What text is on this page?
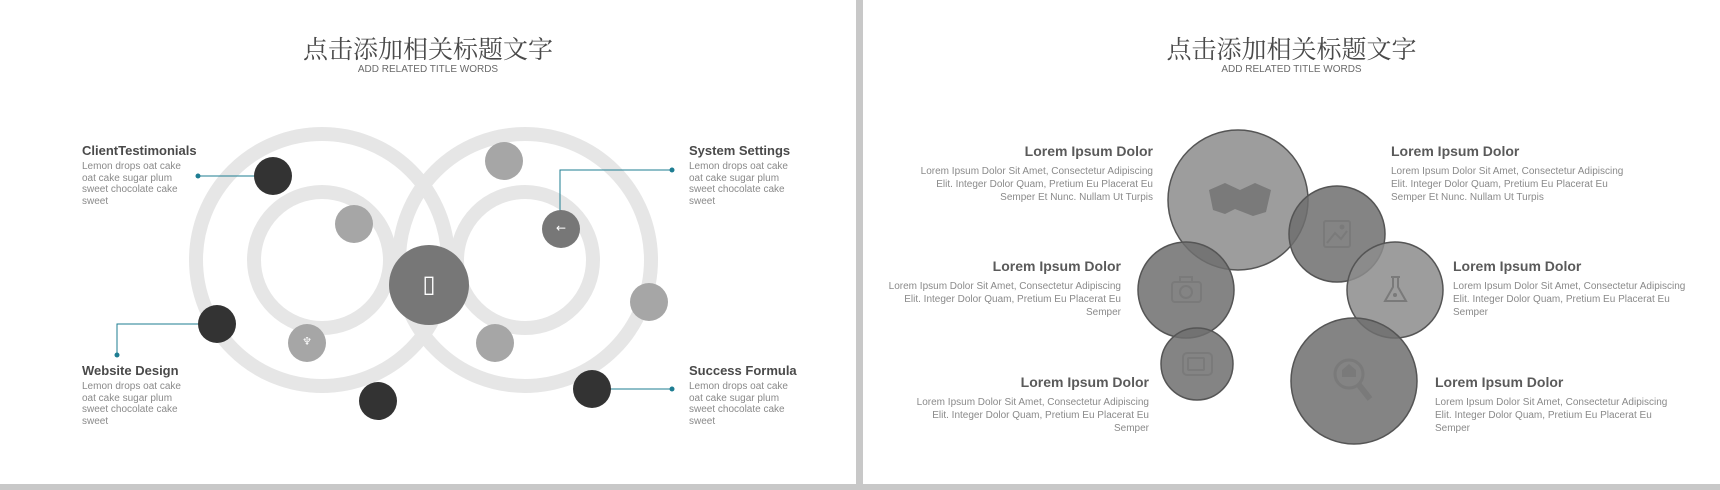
点击添加相关标题文字
ADD RELATED TITLE WORDS
▯
←
♆
ClientTestimonials
Lemon drops oat cake oat cake sugar plum sweet chocolate cake sweet
Website Design
Lemon drops oat cake oat cake sugar plum sweet chocolate cake sweet
System Settings
Lemon drops oat cake oat cake sugar plum sweet chocolate cake sweet
Success Formula
Lemon drops oat cake oat cake sugar plum sweet chocolate cake sweet
点击添加相关标题文字
ADD RELATED TITLE WORDS
Lorem Ipsum Dolor
Lorem Ipsum Dolor Sit Amet, Consectetur Adipiscing Elit. Integer Dolor Quam, Pretium Eu Placerat Eu Semper Et Nunc. Nullam Ut Turpis
Lorem Ipsum Dolor
Lorem Ipsum Dolor Sit Amet, Consectetur Adipiscing Elit. Integer Dolor Quam, Pretium Eu Placerat Eu Semper
Lorem Ipsum Dolor
Lorem Ipsum Dolor Sit Amet, Consectetur Adipiscing Elit. Integer Dolor Quam, Pretium Eu Placerat Eu Semper
Lorem Ipsum Dolor
Lorem Ipsum Dolor Sit Amet, Consectetur Adipiscing Elit. Integer Dolor Quam, Pretium Eu Placerat Eu Semper Et Nunc. Nullam Ut Turpis
Lorem Ipsum Dolor
Lorem Ipsum Dolor Sit Amet, Consectetur Adipiscing Elit. Integer Dolor Quam, Pretium Eu Placerat Eu Semper
Lorem Ipsum Dolor
Lorem Ipsum Dolor Sit Amet, Consectetur Adipiscing Elit. Integer Dolor Quam, Pretium Eu Placerat Eu Semper
